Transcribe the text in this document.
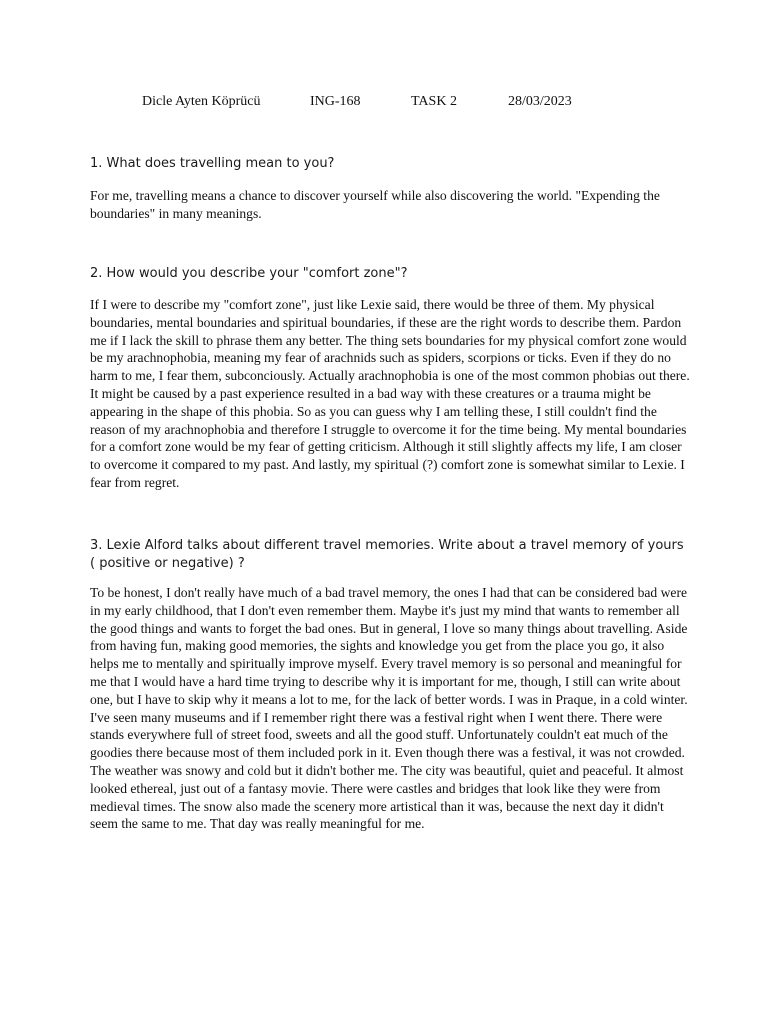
Dicle Ayten Köprücü	ING-168	TASK 2	28/03/2023

1. What does travelling mean to you?

For me, travelling means a chance to discover yourself while also discovering the world. "Expending the boundaries" in many meanings.

2. How would you describe your "comfort zone"?

If I were to describe my "comfort zone", just like Lexie said, there would be three of them. My physical boundaries, mental boundaries and spiritual boundaries, if these are the right words to describe them. Pardon me if I lack the skill to phrase them any better. The thing sets boundaries for my physical comfort zone would be my arachnophobia, meaning my fear of arachnids such as spiders, scorpions or ticks. Even if they do no harm to me, I fear them, subconciously. Actually arachnophobia is one of the most common phobias out there. It might be caused by a past experience resulted in a bad way with these creatures or a trauma might be appearing in the shape of this phobia. So as you can guess why I am telling these, I still couldn't find the reason of my arachnophobia and therefore I struggle to overcome it for the time being. My mental boundaries for a comfort zone would be my fear of getting criticism. Although it still slightly affects my life, I am closer to overcome it compared to my past. And lastly, my spiritual (?) comfort zone is somewhat similar to Lexie. I fear from regret.

3. Lexie Alford talks about different travel memories. Write about a travel memory of yours ( positive or negative) ?

To be honest, I don't really have much of a bad travel memory, the ones I had that can be considered bad were in my early childhood, that I don't even remember them. Maybe it's just my mind that wants to remember all the good things and wants to forget the bad ones. But in general, I love so many things about travelling. Aside from having fun, making good memories, the sights and knowledge you get from the place you go, it also helps me to mentally and spiritually improve myself. Every travel memory is so personal and meaningful for me that I would have a hard time trying to describe why it is important for me, though, I still can write about one, but I have to skip why it means a lot to me, for the lack of better words. I was in Praque, in a cold winter. I've seen many museums and if I remember right there was a festival right when I went there. There were stands everywhere full of street food, sweets and all the good stuff. Unfortunately couldn't eat much of the goodies there because most of them included pork in it. Even though there was a festival, it was not crowded. The weather was snowy and cold but it didn't bother me. The city was beautiful, quiet and peaceful. It almost looked ethereal, just out of a fantasy movie. There were castles and bridges that look like they were from medieval times. The snow also made the scenery more artistical than it was, because the next day it didn't seem the same to me. That day was really meaningful for me.
